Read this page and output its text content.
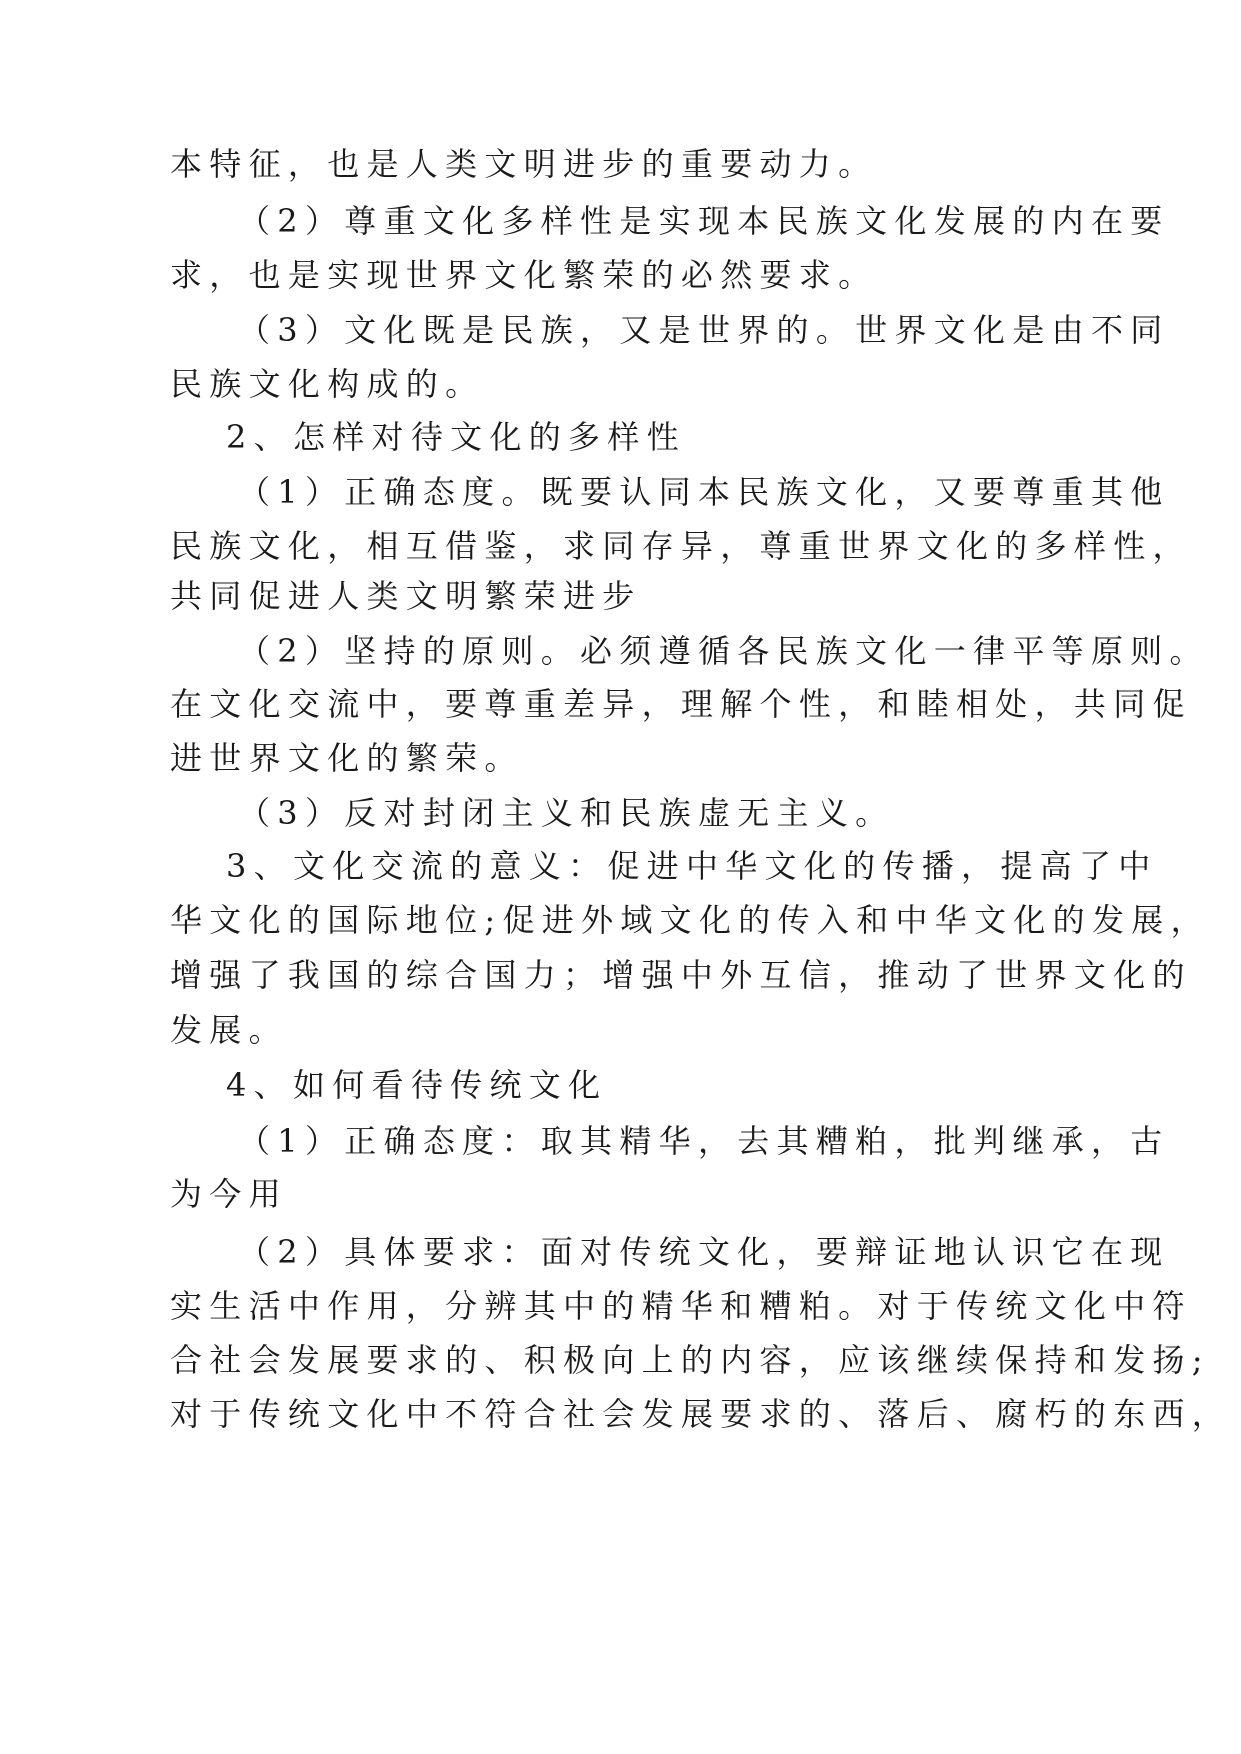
本特征，也是人类文明进步的重要动力。
（2）尊重文化多样性是实现本民族文化发展的内在要
求，也是实现世界文化繁荣的必然要求。
（3）文化既是民族，又是世界的。世界文化是由不同
民族文化构成的。
2、怎样对待文化的多样性
（1）正确态度。既要认同本民族文化，又要尊重其他
民族文化，相互借鉴，求同存异，尊重世界文化的多样性，
共同促进人类文明繁荣进步
（2）坚持的原则。必须遵循各民族文化一律平等原则。
在文化交流中，要尊重差异，理解个性，和睦相处，共同促
进世界文化的繁荣。
（3）反对封闭主义和民族虚无主义。
3、文化交流的意义：促进中华文化的传播，提高了中
华文化的国际地位;促进外域文化的传入和中华文化的发展，
增强了我国的综合国力；增强中外互信，推动了世界文化的
发展。
4、如何看待传统文化
（1）正确态度：取其精华，去其糟粕，批判继承，古
为今用
（2）具体要求：面对传统文化，要辩证地认识它在现
实生活中作用，分辨其中的精华和糟粕。对于传统文化中符
合社会发展要求的、积极向上的内容，应该继续保持和发扬;
对于传统文化中不符合社会发展要求的、落后、腐朽的东西，
